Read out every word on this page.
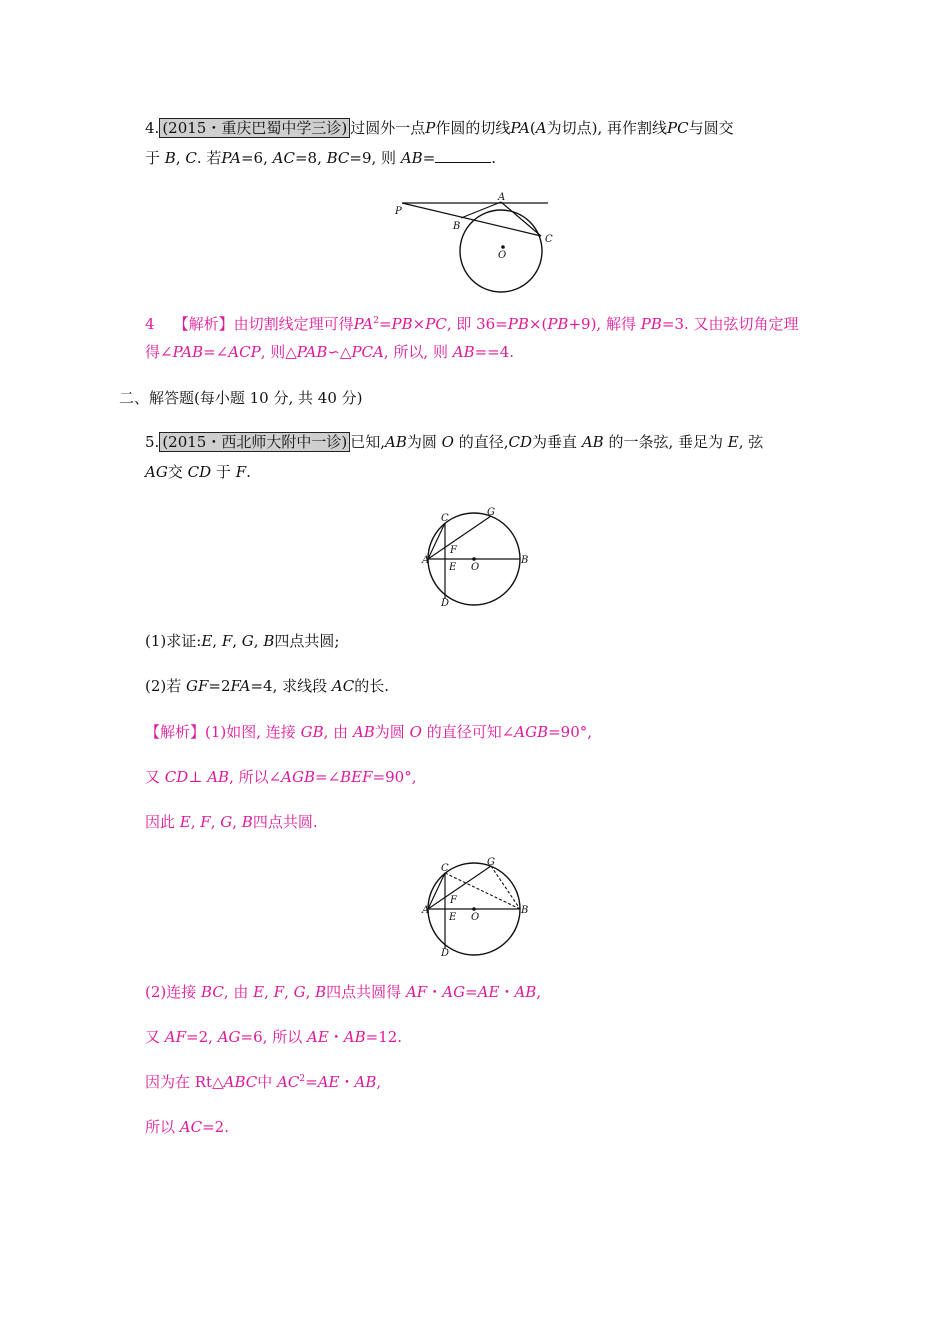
4. (2015・重庆巴蜀中学三诊) 过圆外一点P作圆的切线PA(A为切点), 再作割线PC与圆交
于 B, C. 若PA=6, AC=8, BC=9, 则 AB=	.
P
A
B
C
O
4 【解析】由切割线定理可得$PA^2=PB\times PC$, 即 36=PB×(PB+9), 解得 PB=3. 又由弦切角定理
得∠PAB=∠ACP, 则△PAB∽△PCA, 所以, 则 AB==4.
二、解答题(每小题 10 分, 共 40 分)
5. (2015・西北师大附中一诊) 已知,AB为圆 O 的直径,CD为垂直 AB 的一条弦, 垂足为 E, 弦
AG交 CD 于 F.
C
G
F
A
E O
B
D
(1)求证:E, F, G, B四点共圆;
(2)若 GF=2FA=4, 求线段 AC的长.
【解析】(1)如图, 连接 GB, 由 AB为圆 O 的直径可知∠AGB=90°,
又 CD⊥ AB, 所以∠AGB=∠BEF=90°,
因此 E, F, G, B四点共圆.
C
G
F
A
E O
B
D
(2)连接 BC, 由 E, F, G, B四点共圆得 AF・AG=AE・AB,
又 AF=2, AG=6, 所以 AE・AB=12.
因为在 Rt△ABC中 $AC^2=AE$・AB,
所以 AC=2.
